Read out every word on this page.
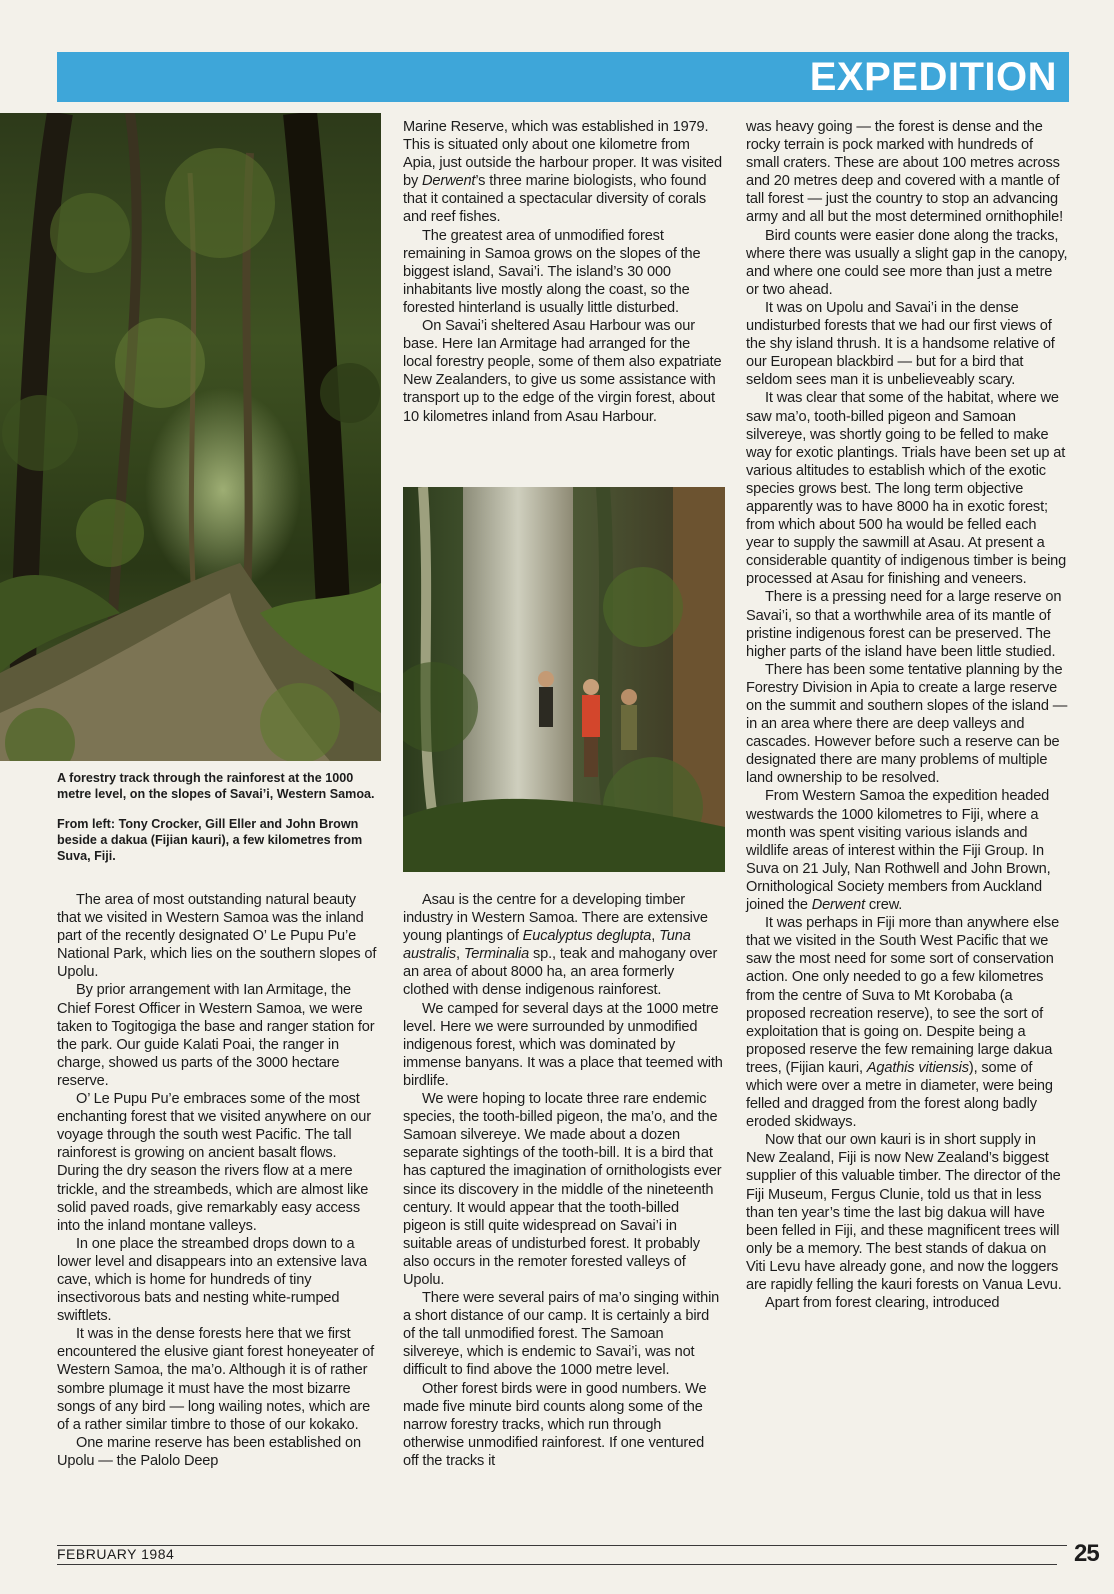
EXPEDITION

A forestry track through the rainforest at the 1000 metre level, on the slopes of Savai’i, Western Samoa.

From left: Tony Crocker, Gill Eller and John Brown beside a dakua (Fijian kauri), a few kilometres from Suva, Fiji.

The area of most outstanding natural beauty that we visited in Western Samoa was the inland part of the recently designated O’ Le Pupu Pu’e National Park, which lies on the southern slopes of Upolu.

By prior arrangement with Ian Armitage, the Chief Forest Officer in Western Samoa, we were taken to Togitogiga the base and ranger station for the park. Our guide Kalati Poai, the ranger in charge, showed us parts of the 3000 hectare reserve.

O’ Le Pupu Pu’e embraces some of the most enchanting forest that we visited anywhere on our voyage through the south west Pacific. The tall rainforest is growing on ancient basalt flows. During the dry season the rivers flow at a mere trickle, and the streambeds, which are almost like solid paved roads, give remarkably easy access into the inland montane valleys.

In one place the streambed drops down to a lower level and disappears into an extensive lava cave, which is home for hundreds of tiny insectivorous bats and nesting white-rumped swiftlets.

It was in the dense forests here that we first encountered the elusive giant forest honeyeater of Western Samoa, the ma’o. Although it is of rather sombre plumage it must have the most bizarre songs of any bird — long wailing notes, which are of a rather similar timbre to those of our kokako.

One marine reserve has been established on Upolu — the Palolo Deep

Marine Reserve, which was established in 1979. This is situated only about one kilometre from Apia, just outside the harbour proper. It was visited by Derwent’s three marine biologists, who found that it contained a spectacular diversity of corals and reef fishes.

The greatest area of unmodified forest remaining in Samoa grows on the slopes of the biggest island, Savai’i. The island’s 30 000 inhabitants live mostly along the coast, so the forested hinterland is usually little disturbed.

On Savai’i sheltered Asau Harbour was our base. Here Ian Armitage had arranged for the local forestry people, some of them also expatriate New Zealanders, to give us some assistance with transport up to the edge of the virgin forest, about 10 kilometres inland from Asau Harbour.

Asau is the centre for a developing timber industry in Western Samoa. There are extensive young plantings of Eucalyptus deglupta, Tuna australis, Terminalia sp., teak and mahogany over an area of about 8000 ha, an area formerly clothed with dense indigenous rainforest.

We camped for several days at the 1000 metre level. Here we were surrounded by unmodified indigenous forest, which was dominated by immense banyans. It was a place that teemed with birdlife.

We were hoping to locate three rare endemic species, the tooth-billed pigeon, the ma’o, and the Samoan silvereye. We made about a dozen separate sightings of the tooth-bill. It is a bird that has captured the imagination of ornithologists ever since its discovery in the middle of the nineteenth century. It would appear that the tooth-billed pigeon is still quite widespread on Savai’i in suitable areas of undisturbed forest. It probably also occurs in the remoter forested valleys of Upolu.

There were several pairs of ma’o singing within a short distance of our camp. It is certainly a bird of the tall unmodified forest. The Samoan silvereye, which is endemic to Savai’i, was not difficult to find above the 1000 metre level.

Other forest birds were in good numbers. We made five minute bird counts along some of the narrow forestry tracks, which run through otherwise unmodified rainforest. If one ventured off the tracks it

was heavy going — the forest is dense and the rocky terrain is pock marked with hundreds of small craters. These are about 100 metres across and 20 metres deep and covered with a mantle of tall forest — just the country to stop an advancing army and all but the most determined ornithophile!

Bird counts were easier done along the tracks, where there was usually a slight gap in the canopy, and where one could see more than just a metre or two ahead.

It was on Upolu and Savai’i in the dense undisturbed forests that we had our first views of the shy island thrush. It is a handsome relative of our European blackbird — but for a bird that seldom sees man it is unbelieveably scary.

It was clear that some of the habitat, where we saw ma’o, tooth-billed pigeon and Samoan silvereye, was shortly going to be felled to make way for exotic plantings. Trials have been set up at various altitudes to establish which of the exotic species grows best. The long term objective apparently was to have 8000 ha in exotic forest; from which about 500 ha would be felled each year to supply the sawmill at Asau. At present a considerable quantity of indigenous timber is being processed at Asau for finishing and veneers.

There is a pressing need for a large reserve on Savai’i, so that a worthwhile area of its mantle of pristine indigenous forest can be preserved. The higher parts of the island have been little studied.

There has been some tentative planning by the Forestry Division in Apia to create a large reserve on the summit and southern slopes of the island — in an area where there are deep valleys and cascades. However before such a reserve can be designated there are many problems of multiple land ownership to be resolved.

From Western Samoa the expedition headed westwards the 1000 kilometres to Fiji, where a month was spent visiting various islands and wildlife areas of interest within the Fiji Group. In Suva on 21 July, Nan Rothwell and John Brown, Ornithological Society members from Auckland joined the Derwent crew.

It was perhaps in Fiji more than anywhere else that we visited in the South West Pacific that we saw the most need for some sort of conservation action. One only needed to go a few kilometres from the centre of Suva to Mt Korobaba (a proposed recreation reserve), to see the sort of exploitation that is going on. Despite being a proposed reserve the few remaining large dakua trees, (Fijian kauri, Agathis vitiensis), some of which were over a metre in diameter, were being felled and dragged from the forest along badly eroded skidways.

Now that our own kauri is in short supply in New Zealand, Fiji is now New Zealand’s biggest supplier of this valuable timber. The director of the Fiji Museum, Fergus Clunie, told us that in less than ten year’s time the last big dakua will have been felled in Fiji, and these magnificent trees will only be a memory. The best stands of dakua on Viti Levu have already gone, and now the loggers are rapidly felling the kauri forests on Vanua Levu.

Apart from forest clearing, introduced

FEBRUARY 1984	25
